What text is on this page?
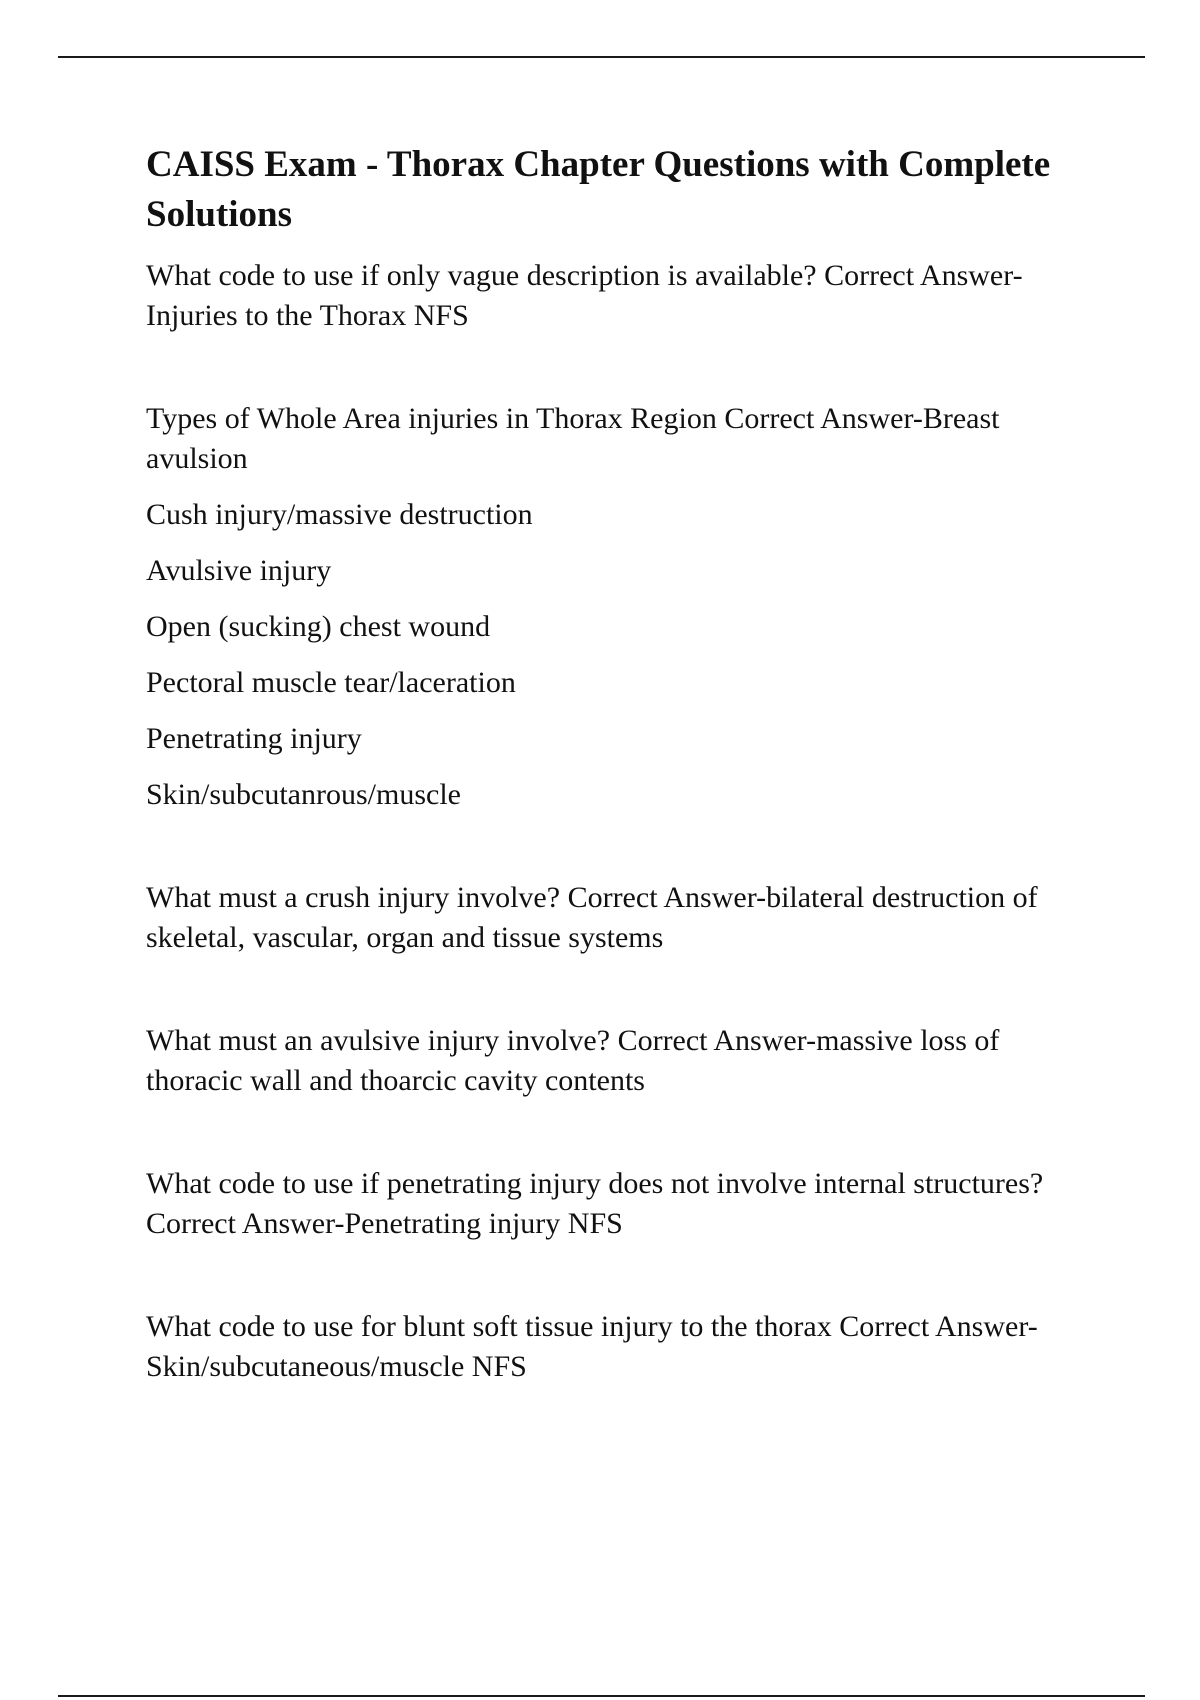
CAISS Exam - Thorax Chapter Questions with Complete Solutions

What code to use if only vague description is available? Correct Answer-Injuries to the Thorax NFS

Types of Whole Area injuries in Thorax Region Correct Answer-Breast avulsion

Cush injury/massive destruction

Avulsive injury

Open (sucking) chest wound

Pectoral muscle tear/laceration

Penetrating injury

Skin/subcutanrous/muscle

What must a crush injury involve? Correct Answer-bilateral destruction of skeletal, vascular, organ and tissue systems

What must an avulsive injury involve? Correct Answer-massive loss of thoracic wall and thoarcic cavity contents

What code to use if penetrating injury does not involve internal structures? Correct Answer-Penetrating injury NFS

What code to use for blunt soft tissue injury to the thorax Correct Answer-Skin/subcutaneous/muscle NFS
